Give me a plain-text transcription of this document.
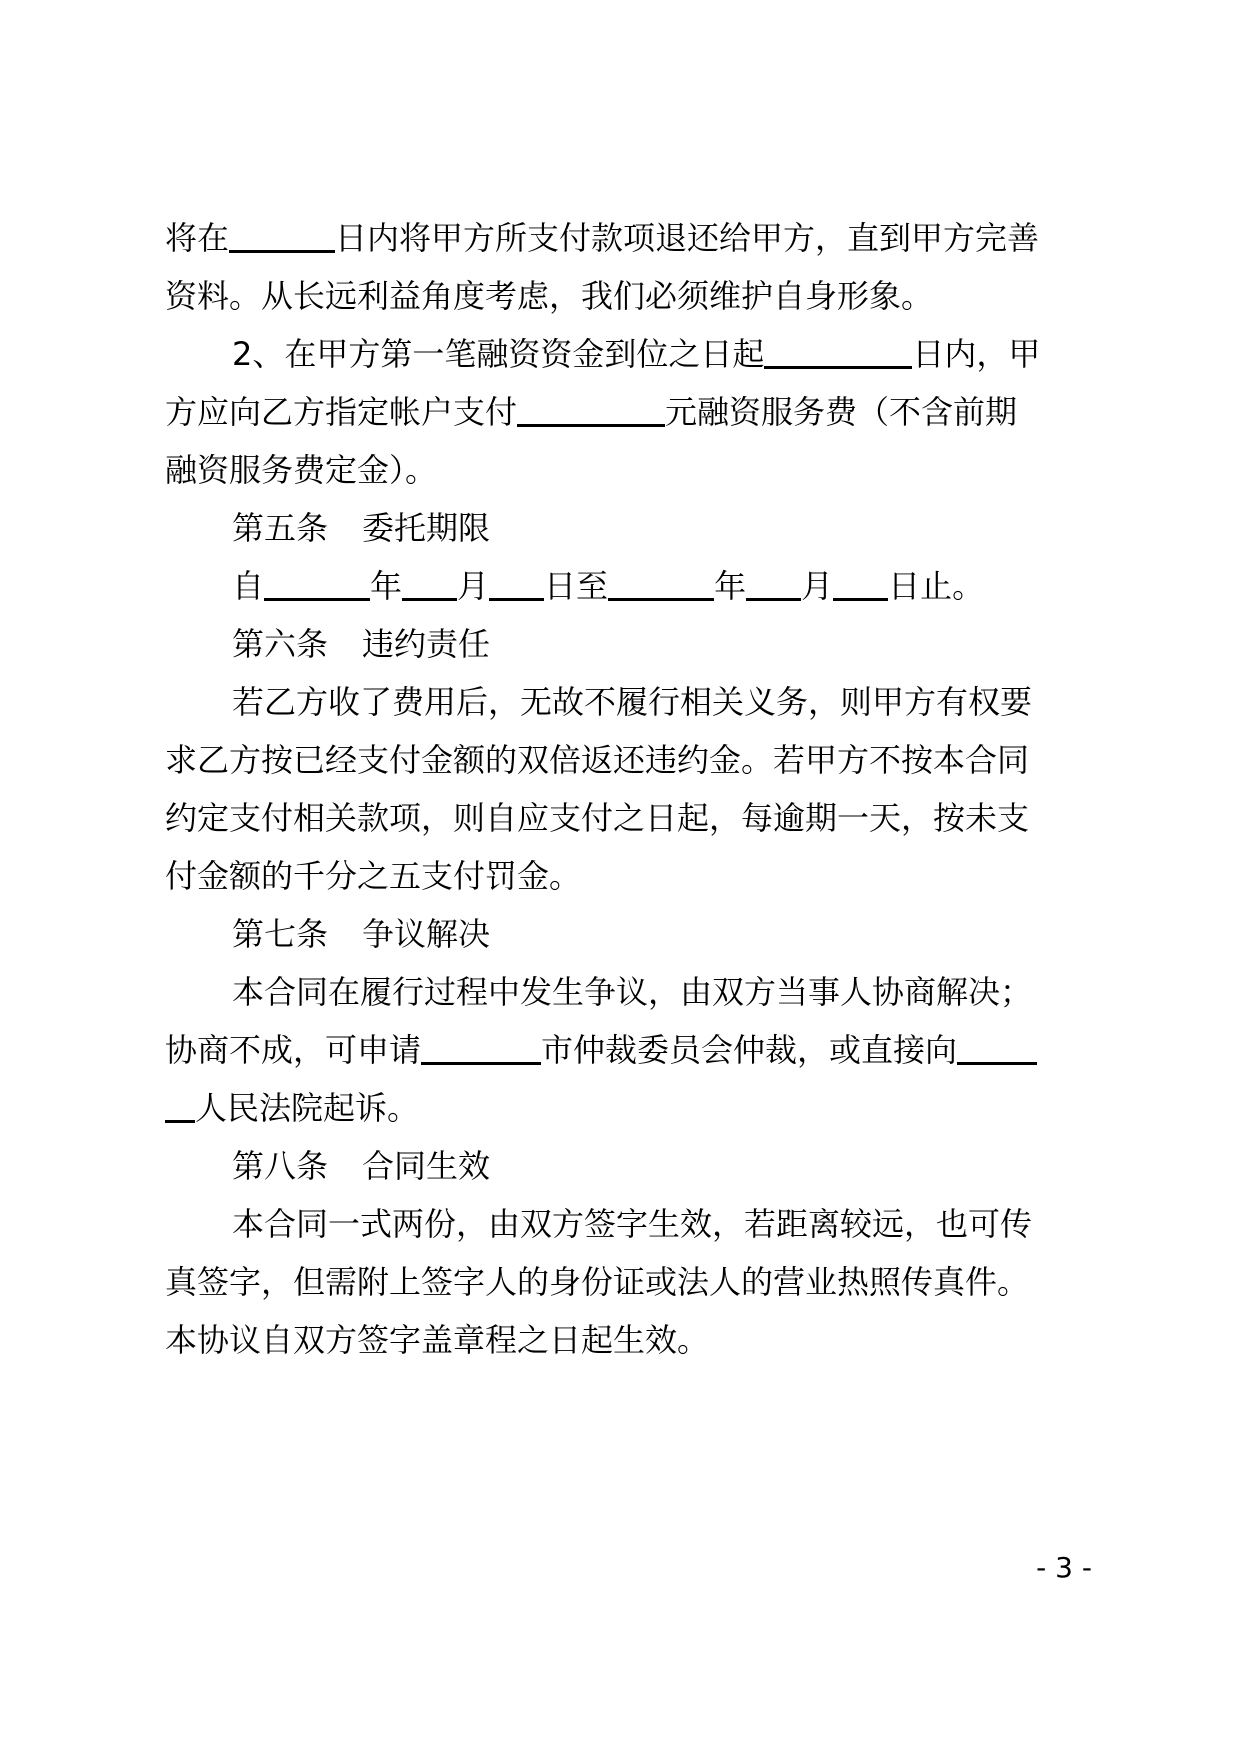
将在	日内将甲方所支付款项退还给甲方，直到甲方完善
资料。从长远利益角度考虑，我们必须维护自身形象。
2、在甲方第一笔融资资金到位之日起	日内，甲
方应向乙方指定帐户支付	元融资服务费（不含前期
融资服务费定金）。
第五条 委托期限
自	年 月 日至	年 月 日止。
第六条 违约责任
若乙方收了费用后，无故不履行相关义务，则甲方有权要
求乙方按已经支付金额的双倍返还违约金。若甲方不按本合同
约定支付相关款项，则自应支付之日起，每逾期一天，按未支
付金额的千分之五支付罚金。
第七条 争议解决
本合同在履行过程中发生争议，由双方当事人协商解决；
协商不成，可申请	市仲裁委员会仲裁，或直接向
人民法院起诉。
第八条 合同生效
本合同一式两份，由双方签字生效，若距离较远，也可传
真签字，但需附上签字人的身份证或法人的营业热照传真件。
本协议自双方签字盖章程之日起生效。
- 3 -
